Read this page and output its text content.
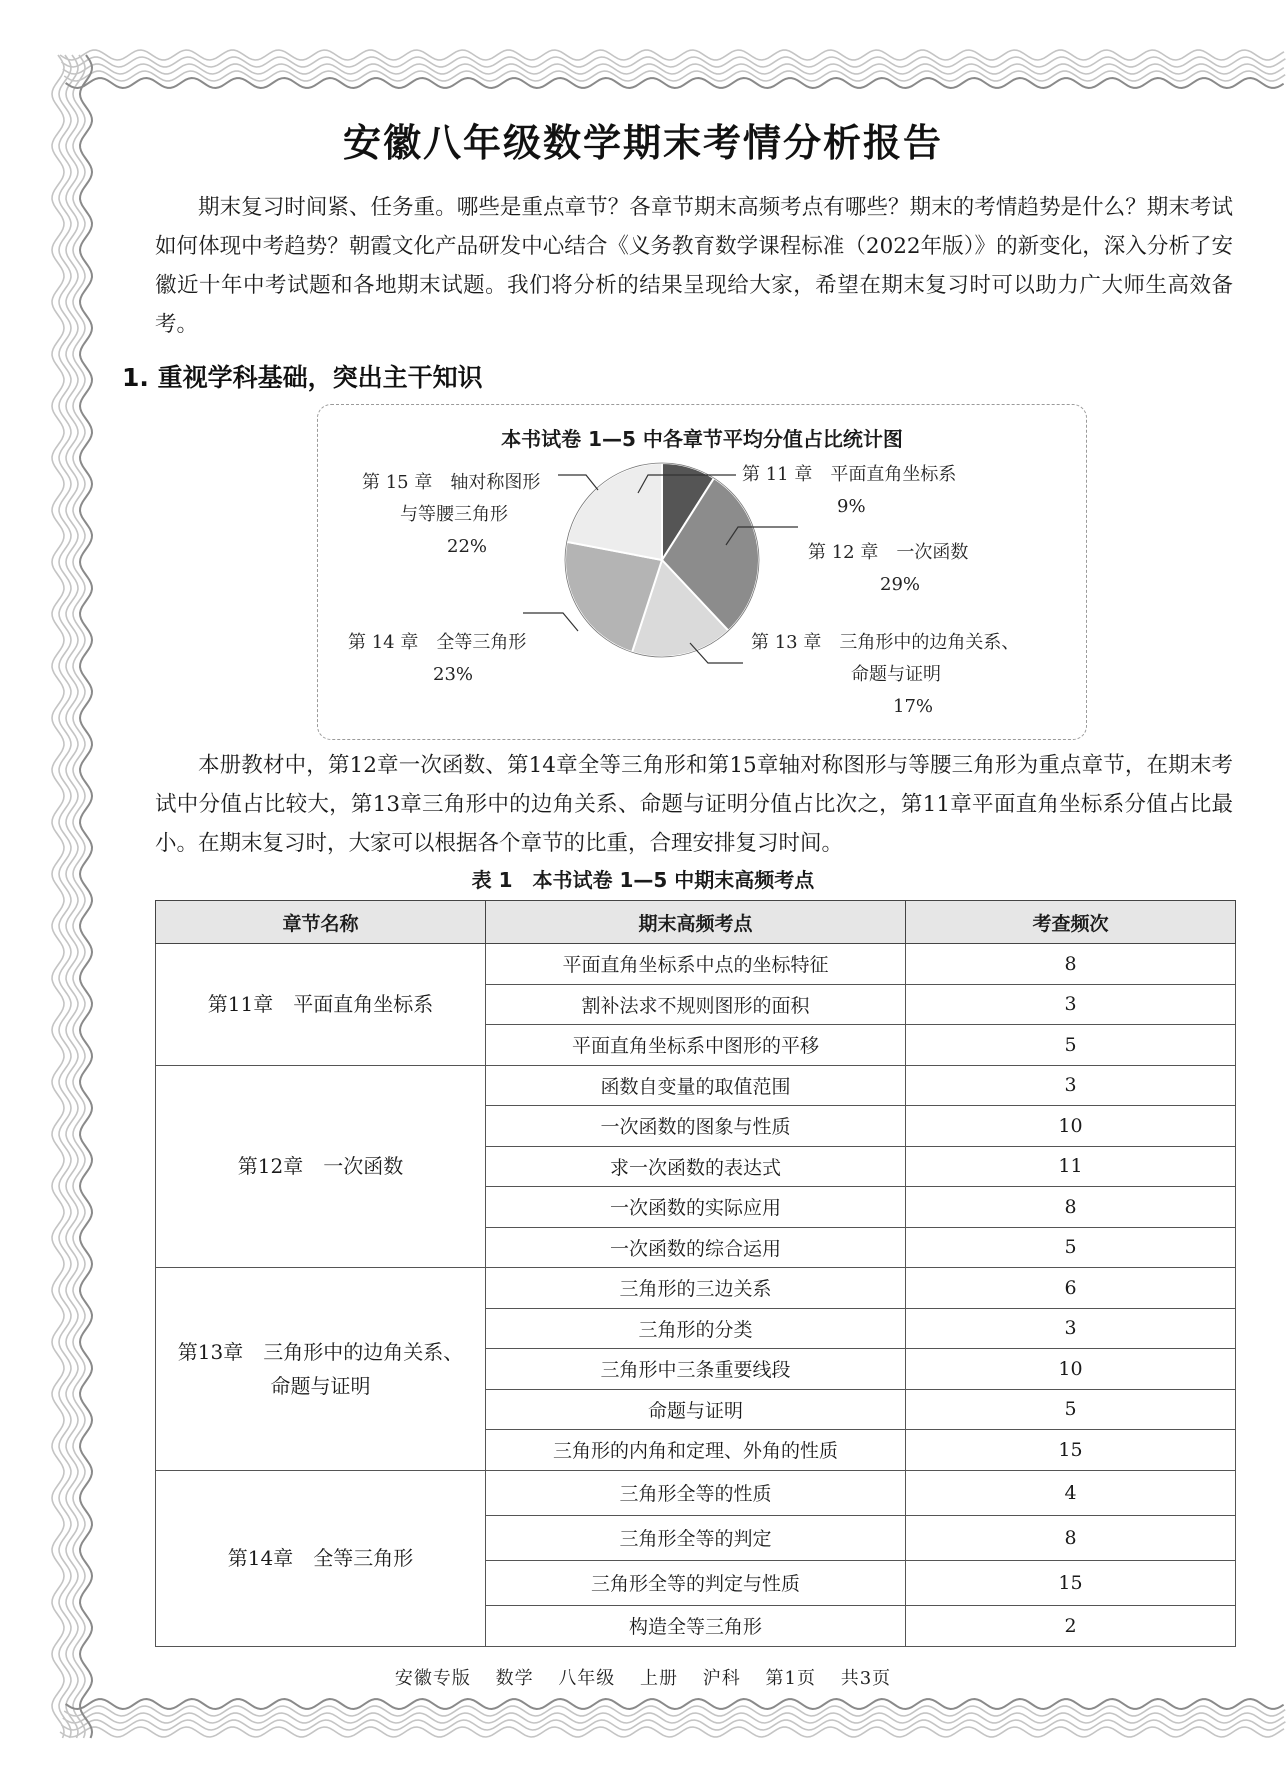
安徽八年级数学期末考情分析报告

期末复习时间紧、任务重。哪些是重点章节？各章节期末高频考点有哪些？期末的考情趋势是什么？期末考试如何体现中考趋势？朝霞文化产品研发中心结合《义务教育数学课程标准（2022年版）》的新变化，深入分析了安徽近十年中考试题和各地期末试题。我们将分析的结果呈现给大家，希望在期末复习时可以助力广大师生高效备考。

1. 重视学科基础，突出主干知识
本书试卷 1—5 中各章节平均分值占比统计图
第 11 章　平面直角坐标系
9%
第 12 章　一次函数
29%
第 13 章　三角形中的边角关系、
命题与证明
17%
第 14 章　全等三角形
23%
第 15 章　轴对称图形
与等腰三角形
22%

本册教材中，第12章一次函数、第14章全等三角形和第15章轴对称图形与等腰三角形为重点章节，在期末考试中分值占比较大，第13章三角形中的边角关系、命题与证明分值占比次之，第11章平面直角坐标系分值占比最小。在期末复习时，大家可以根据各个章节的比重，合理安排复习时间。

表 1　本书试卷 1—5 中期末高频考点
章节名称	期末高频考点	考查频次

第11章　平面直角坐标系	平面直角坐标系中点的坐标特征	8
	割补法求不规则图形的面积	3
	平面直角坐标系中图形的平移	5

第12章　一次函数	函数自变量的取值范围	3
	一次函数的图象与性质	10
	求一次函数的表达式	11
	一次函数的实际应用	8
	一次函数的综合运用	5

第13章　三角形中的边角关系、
命题与证明	三角形的三边关系	6
	三角形的分类	3
	三角形中三条重要线段	10
	命题与证明	5
	三角形的内角和定理、外角的性质	15

第14章　全等三角形	三角形全等的性质	4
	三角形全等的判定	8
	三角形全等的判定与性质	15
	构造全等三角形	2
安徽专版 数学 八年级 上册 沪科 第1页 共3页
